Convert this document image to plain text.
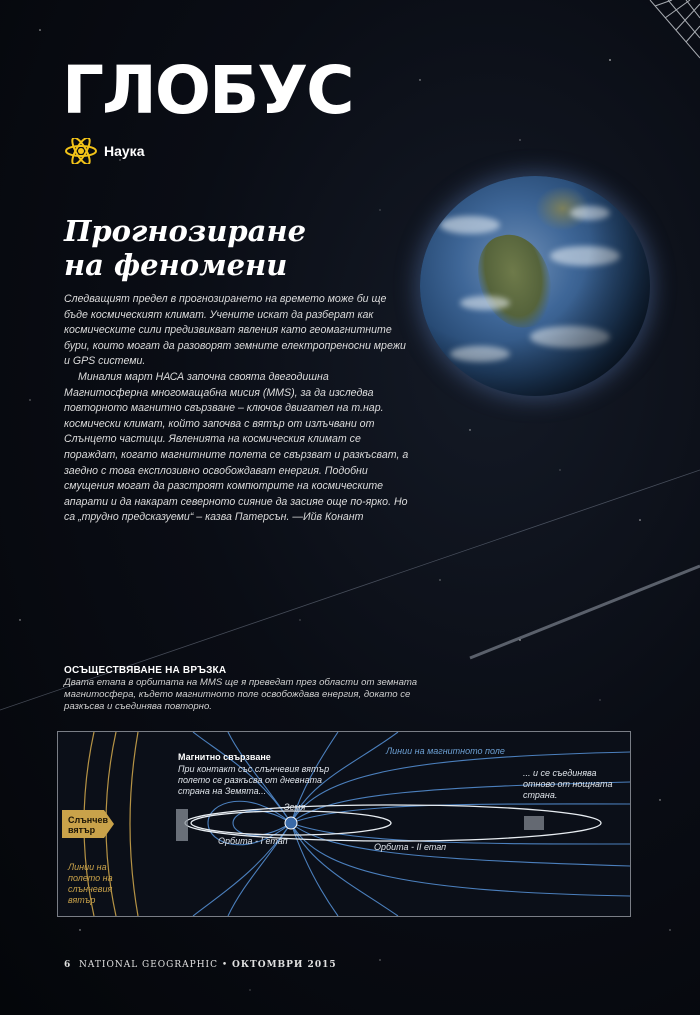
ГЛОБУС
Наука
Прогнозиране
на феномени

Следващият предел в прогнозирането на времето може би ще бъде космическият климат. Учените искат да разберат как космическите сили предизвикват явления като геомагнитните бури, които могат да разоворят земните електропреносни мрежи и GPS системи.

Миналия март НАСА започна своята двегодишна Магнитосферна многомащабна мисия (MMS), за да изследва повторното магнитно свързване – ключов двигател на т.нар. космически климат, който започва с вятър от излъчвани от Слънцето частици. Явленията на космическия климат се пораждат, когато магнитните полета се свързват и разкъсват, а заедно с това експлозивно освобождават енергия. Подобни смущения могат да разстроят компютрите на космическите апарати и да накарат северното сияние да засияе още по-ярко. Но са „трудно предсказуеми“ – казва Патерсън. —Ийв Конант

ОСЪЩЕСТВЯВАНЕ НА ВРЪЗКА
Двата етапа в орбитата на MMS ще я преведат през области от земната магнитосфера, където магнитното поле освобождава енергия, докато се разкъсва и съединява повторно.
Магнитно свързване
При контакт със слънчевия вятър полето се разкъсва от дневната страна на Земята...
Линии на магнитното поле
... и се съединява отново от нощната страна.
Земя
Орбита - I етап
Орбита - II етап
Слънчев вятър
Линии на полето на слънчевия вятър
6 NATIONAL GEOGRAPHIC • ОКТОМВРИ 2015
